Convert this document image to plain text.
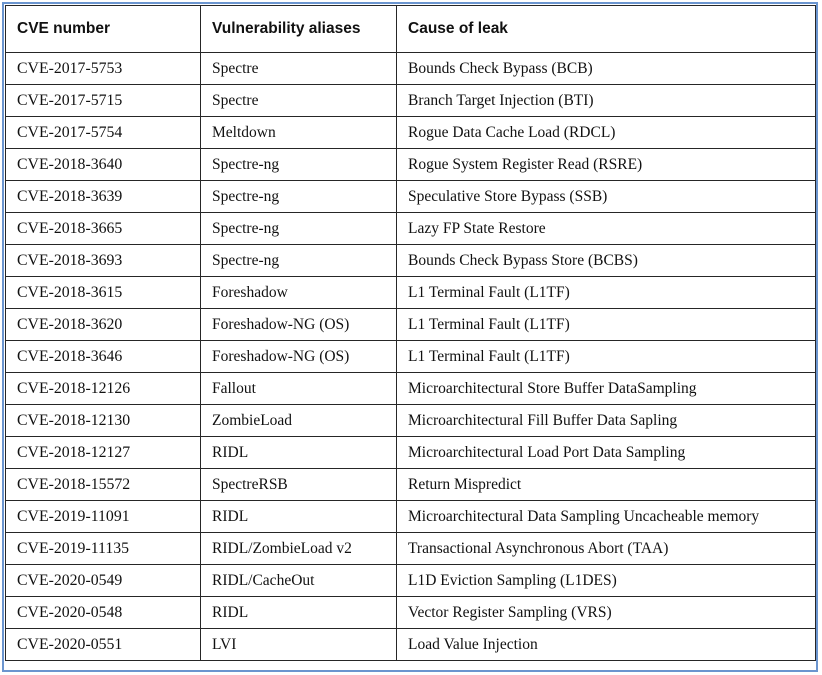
CVE number	Vulnerability aliases	Cause of leak
CVE-2017-5753	Spectre	Bounds Check Bypass (BCB)
CVE-2017-5715	Spectre	Branch Target Injection (BTI)
CVE-2017-5754	Meltdown	Rogue Data Cache Load (RDCL)
CVE-2018-3640	Spectre-ng	Rogue System Register Read (RSRE)
CVE-2018-3639	Spectre-ng	Speculative Store Bypass (SSB)
CVE-2018-3665	Spectre-ng	Lazy FP State Restore
CVE-2018-3693	Spectre-ng	Bounds Check Bypass Store (BCBS)
CVE-2018-3615	Foreshadow	L1 Terminal Fault (L1TF)
CVE-2018-3620	Foreshadow-NG (OS)	L1 Terminal Fault (L1TF)
CVE-2018-3646	Foreshadow-NG (OS)	L1 Terminal Fault (L1TF)
CVE-2018-12126	Fallout	Microarchitectural Store Buffer DataSampling
CVE-2018-12130	ZombieLoad	Microarchitectural Fill Buffer Data Sapling
CVE-2018-12127	RIDL	Microarchitectural Load Port Data Sampling
CVE-2018-15572	SpectreRSB	Return Mispredict
CVE-2019-11091	RIDL	Microarchitectural Data Sampling Uncacheable memory
CVE-2019-11135	RIDL/ZombieLoad v2	Transactional Asynchronous Abort (TAA)
CVE-2020-0549	RIDL/CacheOut	L1D Eviction Sampling (L1DES)
CVE-2020-0548	RIDL	Vector Register Sampling (VRS)
CVE-2020-0551	LVI	Load Value Injection
